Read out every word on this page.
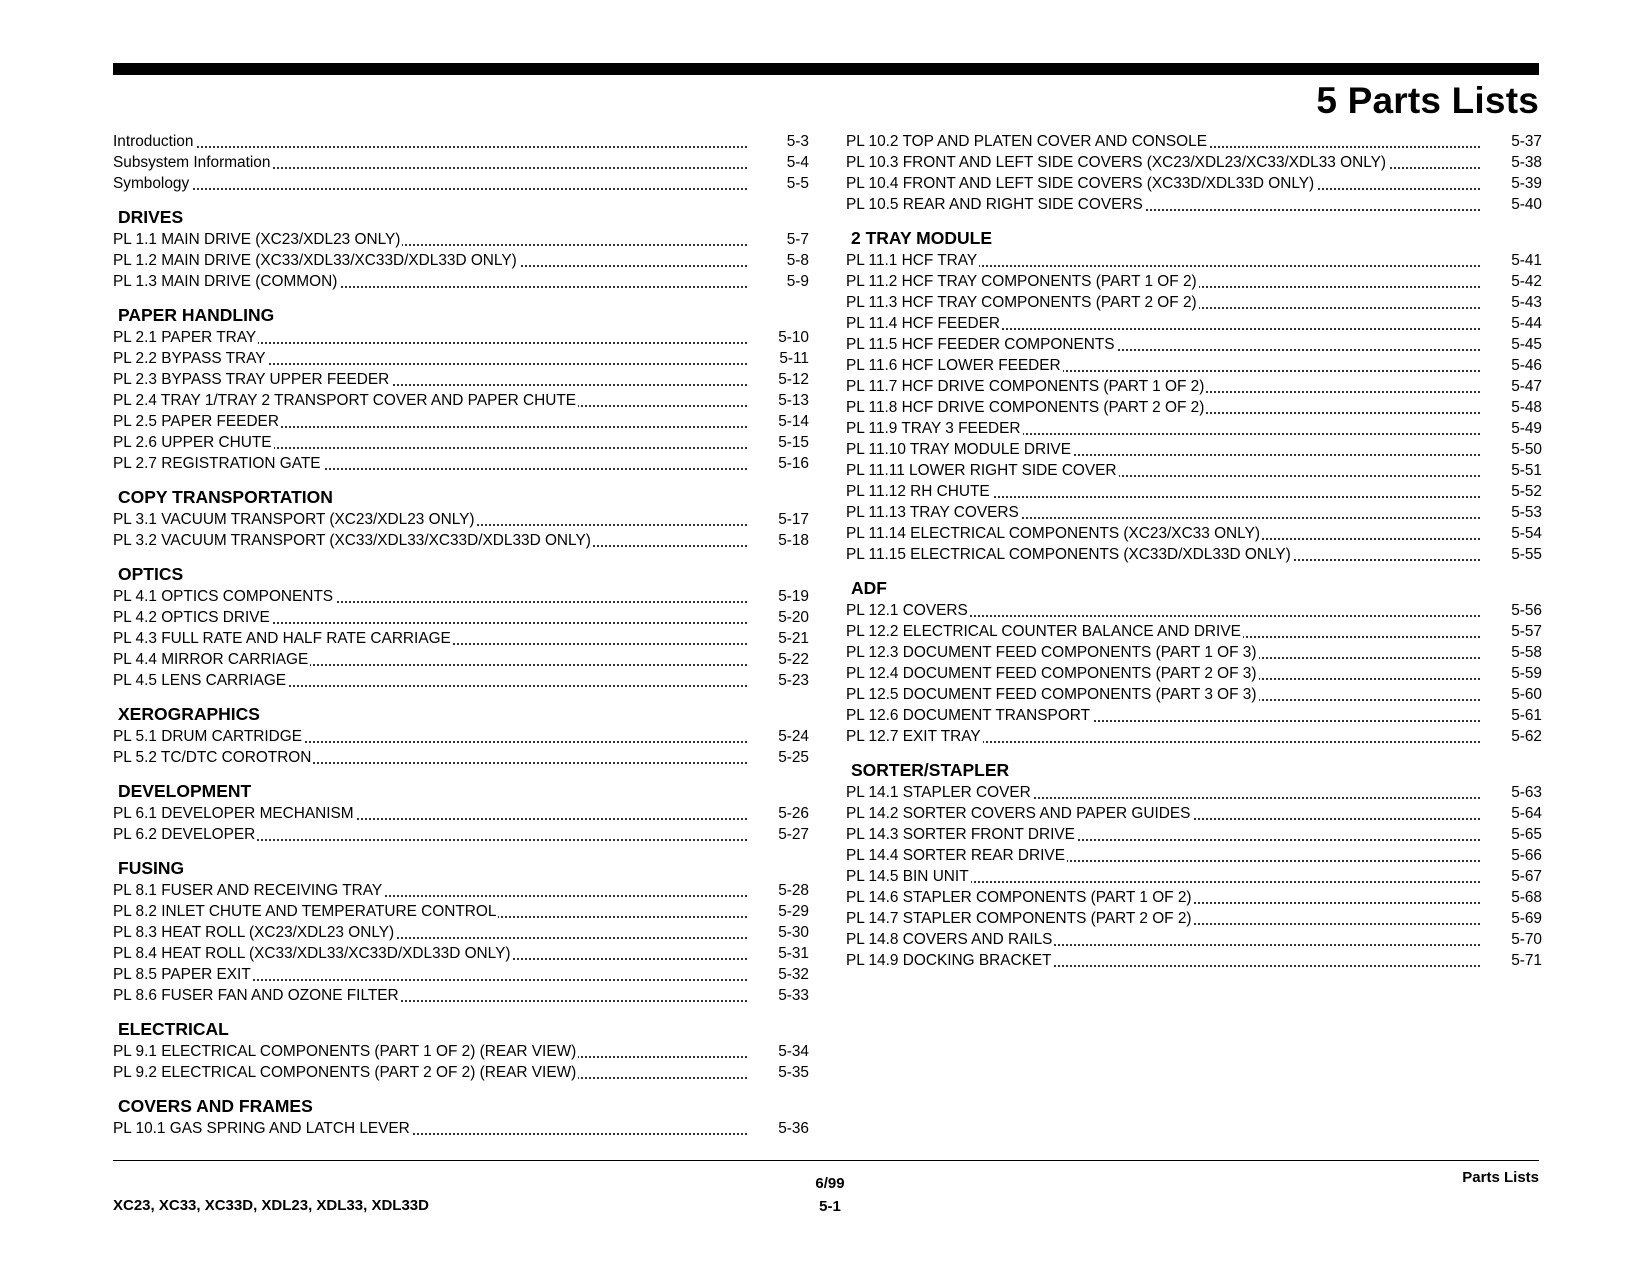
5 Parts Lists
Introduction	5-3
Subsystem Information	5-4
Symbology	5-5
DRIVES
PL 1.1 MAIN DRIVE (XC23/XDL23 ONLY)	5-7
PL 1.2 MAIN DRIVE (XC33/XDL33/XC33D/XDL33D ONLY)	5-8
PL 1.3 MAIN DRIVE (COMMON)	5-9
PAPER HANDLING
PL 2.1 PAPER TRAY	5-10
PL 2.2 BYPASS TRAY	5-11
PL 2.3 BYPASS TRAY UPPER FEEDER	5-12
PL 2.4 TRAY 1/TRAY 2 TRANSPORT COVER AND PAPER CHUTE	5-13
PL 2.5 PAPER FEEDER	5-14
PL 2.6 UPPER CHUTE	5-15
PL 2.7 REGISTRATION GATE	5-16
COPY TRANSPORTATION
PL 3.1 VACUUM TRANSPORT (XC23/XDL23 ONLY)	5-17
PL 3.2 VACUUM TRANSPORT (XC33/XDL33/XC33D/XDL33D ONLY)	5-18
OPTICS
PL 4.1 OPTICS COMPONENTS	5-19
PL 4.2 OPTICS DRIVE	5-20
PL 4.3 FULL RATE AND HALF RATE CARRIAGE	5-21
PL 4.4 MIRROR CARRIAGE	5-22
PL 4.5 LENS CARRIAGE	5-23
XEROGRAPHICS
PL 5.1 DRUM CARTRIDGE	5-24
PL 5.2 TC/DTC COROTRON	5-25
DEVELOPMENT
PL 6.1 DEVELOPER MECHANISM	5-26
PL 6.2 DEVELOPER	5-27
FUSING
PL 8.1 FUSER AND RECEIVING TRAY	5-28
PL 8.2 INLET CHUTE AND TEMPERATURE CONTROL	5-29
PL 8.3 HEAT ROLL (XC23/XDL23 ONLY)	5-30
PL 8.4 HEAT ROLL (XC33/XDL33/XC33D/XDL33D ONLY)	5-31
PL 8.5 PAPER EXIT	5-32
PL 8.6 FUSER FAN AND OZONE FILTER	5-33
ELECTRICAL
PL 9.1 ELECTRICAL COMPONENTS (PART 1 OF 2) (REAR VIEW)	5-34
PL 9.2 ELECTRICAL COMPONENTS (PART 2 OF 2) (REAR VIEW)	5-35
COVERS AND FRAMES
PL 10.1 GAS SPRING AND LATCH LEVER	5-36
PL 10.2 TOP AND PLATEN COVER AND CONSOLE	5-37
PL 10.3 FRONT AND LEFT SIDE COVERS (XC23/XDL23/XC33/XDL33 ONLY)	5-38
PL 10.4 FRONT AND LEFT SIDE COVERS (XC33D/XDL33D ONLY)	5-39
PL 10.5 REAR AND RIGHT SIDE COVERS	5-40
2 TRAY MODULE
PL 11.1 HCF TRAY	5-41
PL 11.2 HCF TRAY COMPONENTS (PART 1 OF 2)	5-42
PL 11.3 HCF TRAY COMPONENTS (PART 2 OF 2)	5-43
PL 11.4 HCF FEEDER	5-44
PL 11.5 HCF FEEDER COMPONENTS	5-45
PL 11.6 HCF LOWER FEEDER	5-46
PL 11.7 HCF DRIVE COMPONENTS (PART 1 OF 2)	5-47
PL 11.8 HCF DRIVE COMPONENTS (PART 2 OF 2)	5-48
PL 11.9 TRAY 3 FEEDER	5-49
PL 11.10 TRAY MODULE DRIVE	5-50
PL 11.11 LOWER RIGHT SIDE COVER	5-51
PL 11.12 RH CHUTE	5-52
PL 11.13 TRAY COVERS	5-53
PL 11.14 ELECTRICAL COMPONENTS (XC23/XC33 ONLY)	5-54
PL 11.15 ELECTRICAL COMPONENTS (XC33D/XDL33D ONLY)	5-55
ADF
PL 12.1 COVERS	5-56
PL 12.2 ELECTRICAL COUNTER BALANCE AND DRIVE	5-57
PL 12.3 DOCUMENT FEED COMPONENTS (PART 1 OF 3)	5-58
PL 12.4 DOCUMENT FEED COMPONENTS (PART 2 OF 3)	5-59
PL 12.5 DOCUMENT FEED COMPONENTS (PART 3 OF 3)	5-60
PL 12.6 DOCUMENT TRANSPORT	5-61
PL 12.7 EXIT TRAY	5-62
SORTER/STAPLER
PL 14.1 STAPLER COVER	5-63
PL 14.2 SORTER COVERS AND PAPER GUIDES	5-64
PL 14.3 SORTER FRONT DRIVE	5-65
PL 14.4 SORTER REAR DRIVE	5-66
PL 14.5 BIN UNIT	5-67
PL 14.6 STAPLER COMPONENTS (PART 1 OF 2)	5-68
PL 14.7 STAPLER COMPONENTS (PART 2 OF 2)	5-69
PL 14.8 COVERS AND RAILS	5-70
PL 14.9 DOCKING BRACKET	5-71
XC23, XC33, XC33D, XDL23, XDL33, XDL33D
6/99
5-1
Parts Lists
